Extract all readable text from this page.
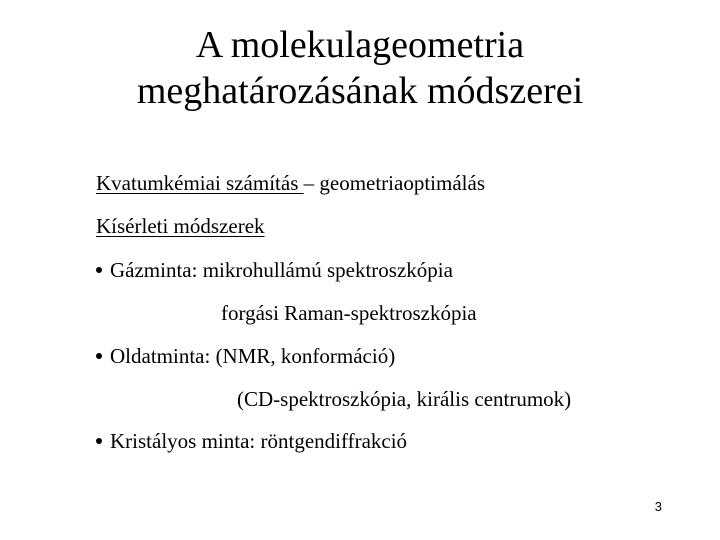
A molekulageometria
meghatározásának módszerei
Kvatumkémiai számítás – geometriaoptimálás
Kísérleti módszerek
Gázminta: mikrohullámú spektroszkópia
forgási Raman-spektroszkópia
Oldatminta: (NMR, konformáció)
(CD-spektroszkópia, királis centrumok)
Kristályos minta: röntgendiffrakció
3
